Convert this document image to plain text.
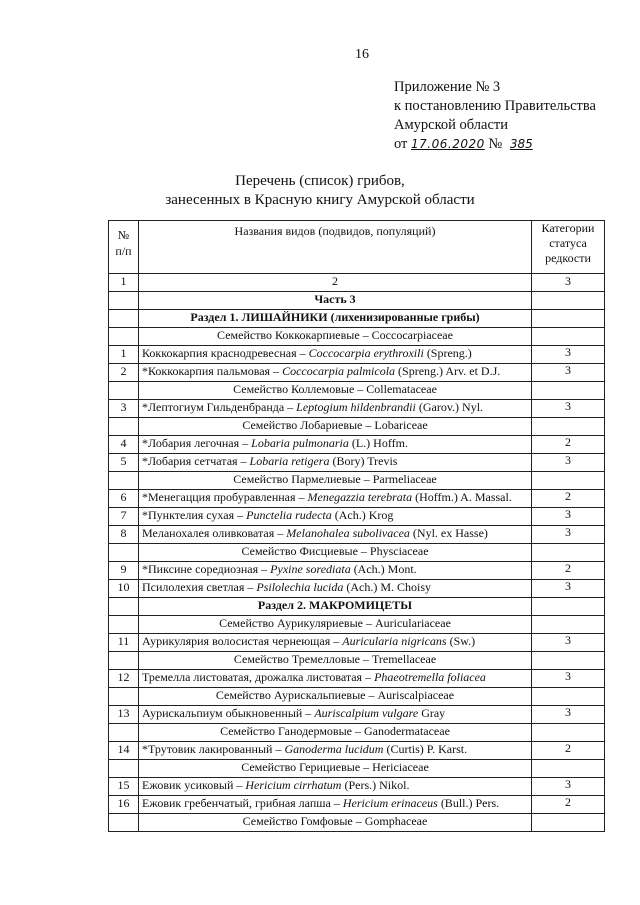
16
Приложение № 3
к постановлению Правительства
Амурской области
от 17.06.2020 № 385
Перечень (список) грибов,
занесенных в Красную книгу Амурской области
№ п/п	Названия видов (подвидов, популяций)	Категории статуса редкости
1	2	3
	Часть 3	
	Раздел 1. ЛИШАЙНИКИ (лихенизированные грибы)	
	Семейство Коккокарпиевые – Coccocarpiaceae	
1	Коккокарпия краснодревесная – Coccocarpia erythroxili (Spreng.)	3
2	*Коккокарпия пальмовая – Coccocarpia palmicola (Spreng.) Arv. et D.J.	3
	Семейство Коллемовые – Collemataceae	
3	*Лептогиум Гильденбранда – Leptogium hildenbrandii (Garov.) Nyl.	3
	Семейство Лобариевые – Lobariceae	
4	*Лобария легочная – Lobaria pulmonaria (L.) Hoffm.	2
5	*Лобария сетчатая – Lobaria retigera (Bory) Trevis	3
	Семейство Пармелиевые – Parmeliaceae	
6	*Менегацция пробуравленная – Menegazzia terebrata (Hoffm.) A. Massal.	2
7	*Пунктелия сухая – Punctelia rudecta (Ach.) Krog	3
8	Меланохалея оливковатая – Melanohalea subolivacea (Nyl. ex Hasse)	3
	Семейство Фисциевые – Physciaceae	
9	*Пиксине соредиозная – Pyxine sorediata (Ach.) Mont.	2
10	Псилолехия светлая – Psilolechia lucida (Ach.) M. Choisy	3
	Раздел 2. МАКРОМИЦЕТЫ	
	Семейство Аурикуляриевые – Auriculariaceae	
11	Аурикулярия волосистая чернеющая – Auricularia nigricans (Sw.)	3
	Семейство Тремелловые – Tremellaceae	
12	Тремелла листоватая, дрожалка листоватая – Phaeotremella foliacea	3
	Семейство Аурискальпиевые – Auriscalpiaceae	
13	Аурискальпиум обыкновенный – Auriscalpium vulgare Gray	3
	Семейство Ганодермовые – Ganodermataceae	
14	*Трутовик лакированный – Ganoderma lucidum (Curtis) P. Karst.	2
	Семейство Герициевые – Hericiaceae	
15	Ежовик усиковый – Hericium cirrhatum (Pers.) Nikol.	3
16	Ежовик гребенчатый, грибная лапша – Hericium erinaceus (Bull.) Pers.	2
	Семейство Гомфовые – Gomphaceae	
